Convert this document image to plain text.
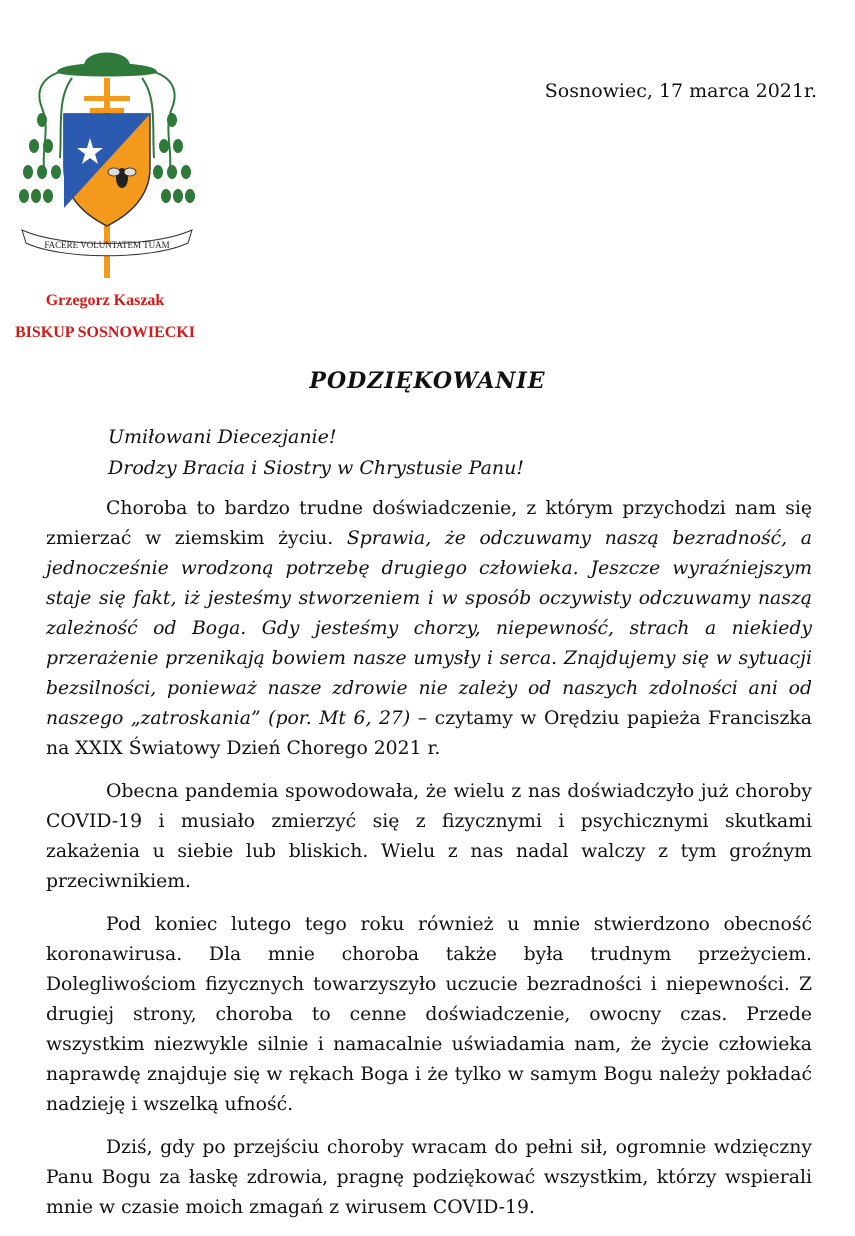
FACERE VOLUNTATEM TUAM
Grzegorz Kaszak
BISKUP SOSNOWIECKI
Sosnowiec, 17 marca 2021r.
PODZIĘKOWANIE
Umiłowani Diecezjanie!
Drodzy Bracia i Siostry w Chrystusie Panu!

Choroba to bardzo trudne doświadczenie, z którym przychodzi nam się zmierzać w ziemskim życiu. Sprawia, że odczuwamy naszą bezradność, a jednocześnie wrodzoną potrzebę drugiego człowieka. Jeszcze wyraźniejszym staje się fakt, iż jesteśmy stworzeniem i w sposób oczywisty odczuwamy naszą zależność od Boga. Gdy jesteśmy chorzy, niepewność, strach a niekiedy przerażenie przenikają bowiem nasze umysły i serca. Znajdujemy się w sytuacji bezsilności, ponieważ nasze zdrowie nie zależy od naszych zdolności ani od naszego „zatroskania” (por. Mt 6, 27) – czytamy w Orędziu papieża Franciszka na XXIX Światowy Dzień Chorego 2021 r.

Obecna pandemia spowodowała, że wielu z nas doświadczyło już choroby COVID-19 i musiało zmierzyć się z fizycznymi i psychicznymi skutkami zakażenia u siebie lub bliskich. Wielu z nas nadal walczy z tym groźnym przeciwnikiem.

Pod koniec lutego tego roku również u mnie stwierdzono obecność koronawirusa. Dla mnie choroba także była trudnym przeżyciem. Dolegliwościom fizycznych towarzyszyło uczucie bezradności i niepewności. Z drugiej strony, choroba to cenne doświadczenie, owocny czas. Przede wszystkim niezwykle silnie i namacalnie uświadamia nam, że życie człowieka naprawdę znajduje się w rękach Boga i że tylko w samym Bogu należy pokładać nadzieję i wszelką ufność.

Dziś, gdy po przejściu choroby wracam do pełni sił, ogromnie wdzięczny Panu Bogu za łaskę zdrowia, pragnę podziękować wszystkim, którzy wspierali mnie w czasie moich zmagań z wirusem COVID-19.
